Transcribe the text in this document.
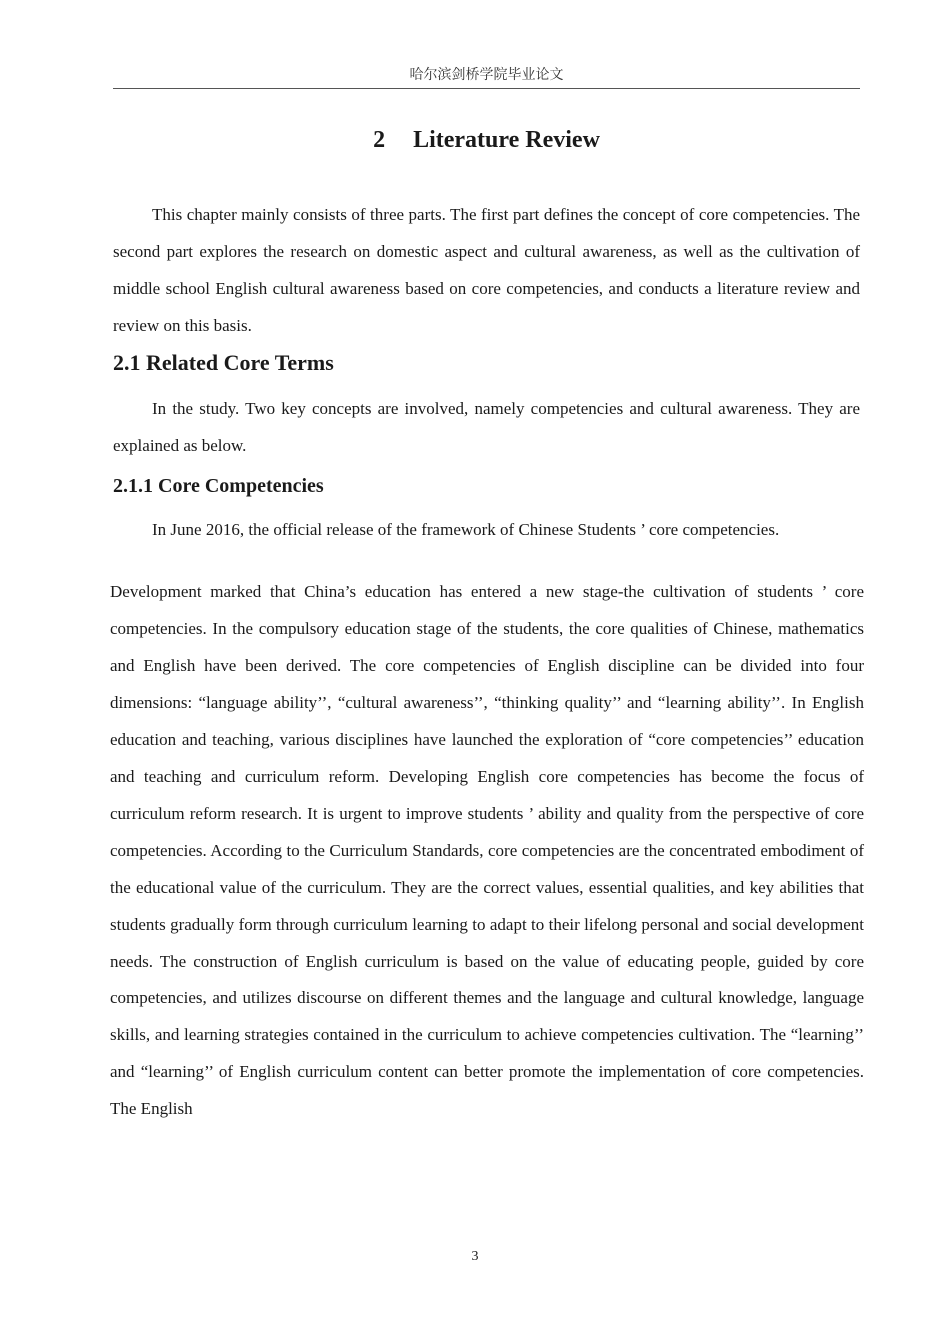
哈尔滨剑桥学院毕业论文
2 Literature Review

This chapter mainly consists of three parts. The first part defines the concept of core competencies. The second part explores the research on domestic aspect and cultural awareness, as well as the cultivation of middle school English cultural awareness based on core competencies, and conducts a literature review and review on this basis.

2.1 Related Core Terms

In the study. Two key concepts are involved, namely competencies and cultural awareness. They are explained as below.

2.1.1 Core Competencies

In June 2016, the official release of the framework of Chinese Students ’ core competencies.

Development marked that China’s education has entered a new stage-the cultivation of students ’ core competencies. In the compulsory education stage of the students, the core qualities of Chinese, mathematics and English have been derived. The core competencies of English discipline can be divided into four dimensions: “language ability’’, “cultural awareness’’, “thinking quality’’ and “learning ability’’. In English education and teaching, various disciplines have launched the exploration of “core competencies’’ education and teaching and curriculum reform. Developing English core competencies has become the focus of curriculum reform research. It is urgent to improve students ’ ability and quality from the perspective of core competencies. According to the Curriculum Standards, core competencies are the concentrated embodiment of the educational value of the curriculum. They are the correct values, essential qualities, and key abilities that students gradually form through curriculum learning to adapt to their lifelong personal and social development needs. The construction of English curriculum is based on the value of educating people, guided by core competencies, and utilizes discourse on different themes and the language and cultural knowledge, language skills, and learning strategies contained in the curriculum to achieve competencies cultivation. The “learning’’ and “learning’’ of English curriculum content can better promote the implementation of core competencies. The English

3
